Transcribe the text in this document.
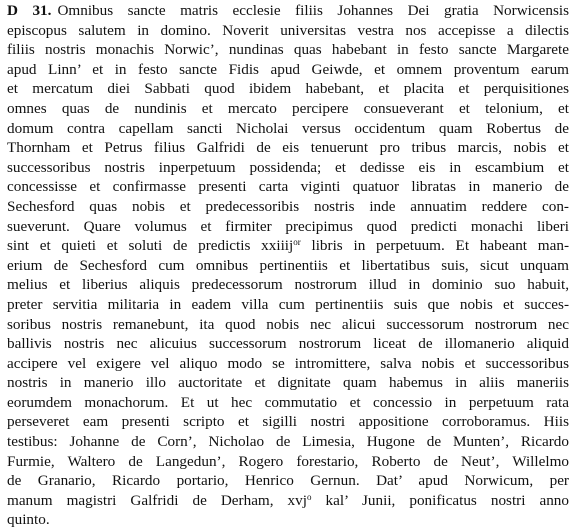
D 31. Omnibus sancte matris ecclesie filiis Johannes Dei gratia Norwicensis
episcopus salutem in domino. Noverit universitas vestra nos accepisse a dilectis
filiis nostris monachis Norwic’, nundinas quas habebant in festo sancte Margarete
apud Linn’ et in festo sancte Fidis apud Geiwde, et omnem proventum earum
et mercatum diei Sabbati quod ibidem habebant, et placita et perquisitiones
omnes quas de nundinis et mercato percipere consueverant et telonium, et
domum contra capellam sancti Nicholai versus occidentum quam Robertus de
Thornham et Petrus filius Galfridi de eis tenuerunt pro tribus marcis, nobis et
successoribus nostris inperpetuum possidenda; et dedisse eis in escambium et
concessisse et confirmasse presenti carta viginti quatuor libratas in manerio de
Sechesford quas nobis et predecessoribis nostris inde annuatim reddere con-
sueverunt. Quare volumus et firmiter precipimus quod predicti monachi liberi
sint et quieti et soluti de predictis xxiiij$^{or}$ libris in perpetuum. Et habeant man-
erium de Sechesford cum omnibus pertinentiis et libertatibus suis, sicut unquam
melius et liberius aliquis predecessorum nostrorum illud in dominio suo habuit,
preter servitia militaria in eadem villa cum pertinentiis suis que nobis et succes-
soribus nostris remanebunt, ita quod nobis nec alicui successorum nostrorum nec
ballivis nostris nec alicuius successorum nostrorum liceat de illomanerio aliquid
accipere vel exigere vel aliquo modo se intromittere, salva nobis et successoribus
nostris in manerio illo auctoritate et dignitate quam habemus in aliis maneriis
eorumdem monachorum. Et ut hec commutatio et concessio in perpetuum rata
perseveret eam presenti scripto et sigilli nostri appositione corroboramus. Hiis
testibus: Johanne de Corn’, Nicholao de Limesia, Hugone de Munten’, Ricardo
Furmie, Waltero de Langedun’, Rogero forestario, Roberto de Neut’, Willelmo
de Granario, Ricardo portario, Henrico Gernun. Dat’ apud Norwicum, per
manum magistri Galfridi de Derham, xvj$^o$ kal’ Junii, ponificatus nostri anno
quinto.
